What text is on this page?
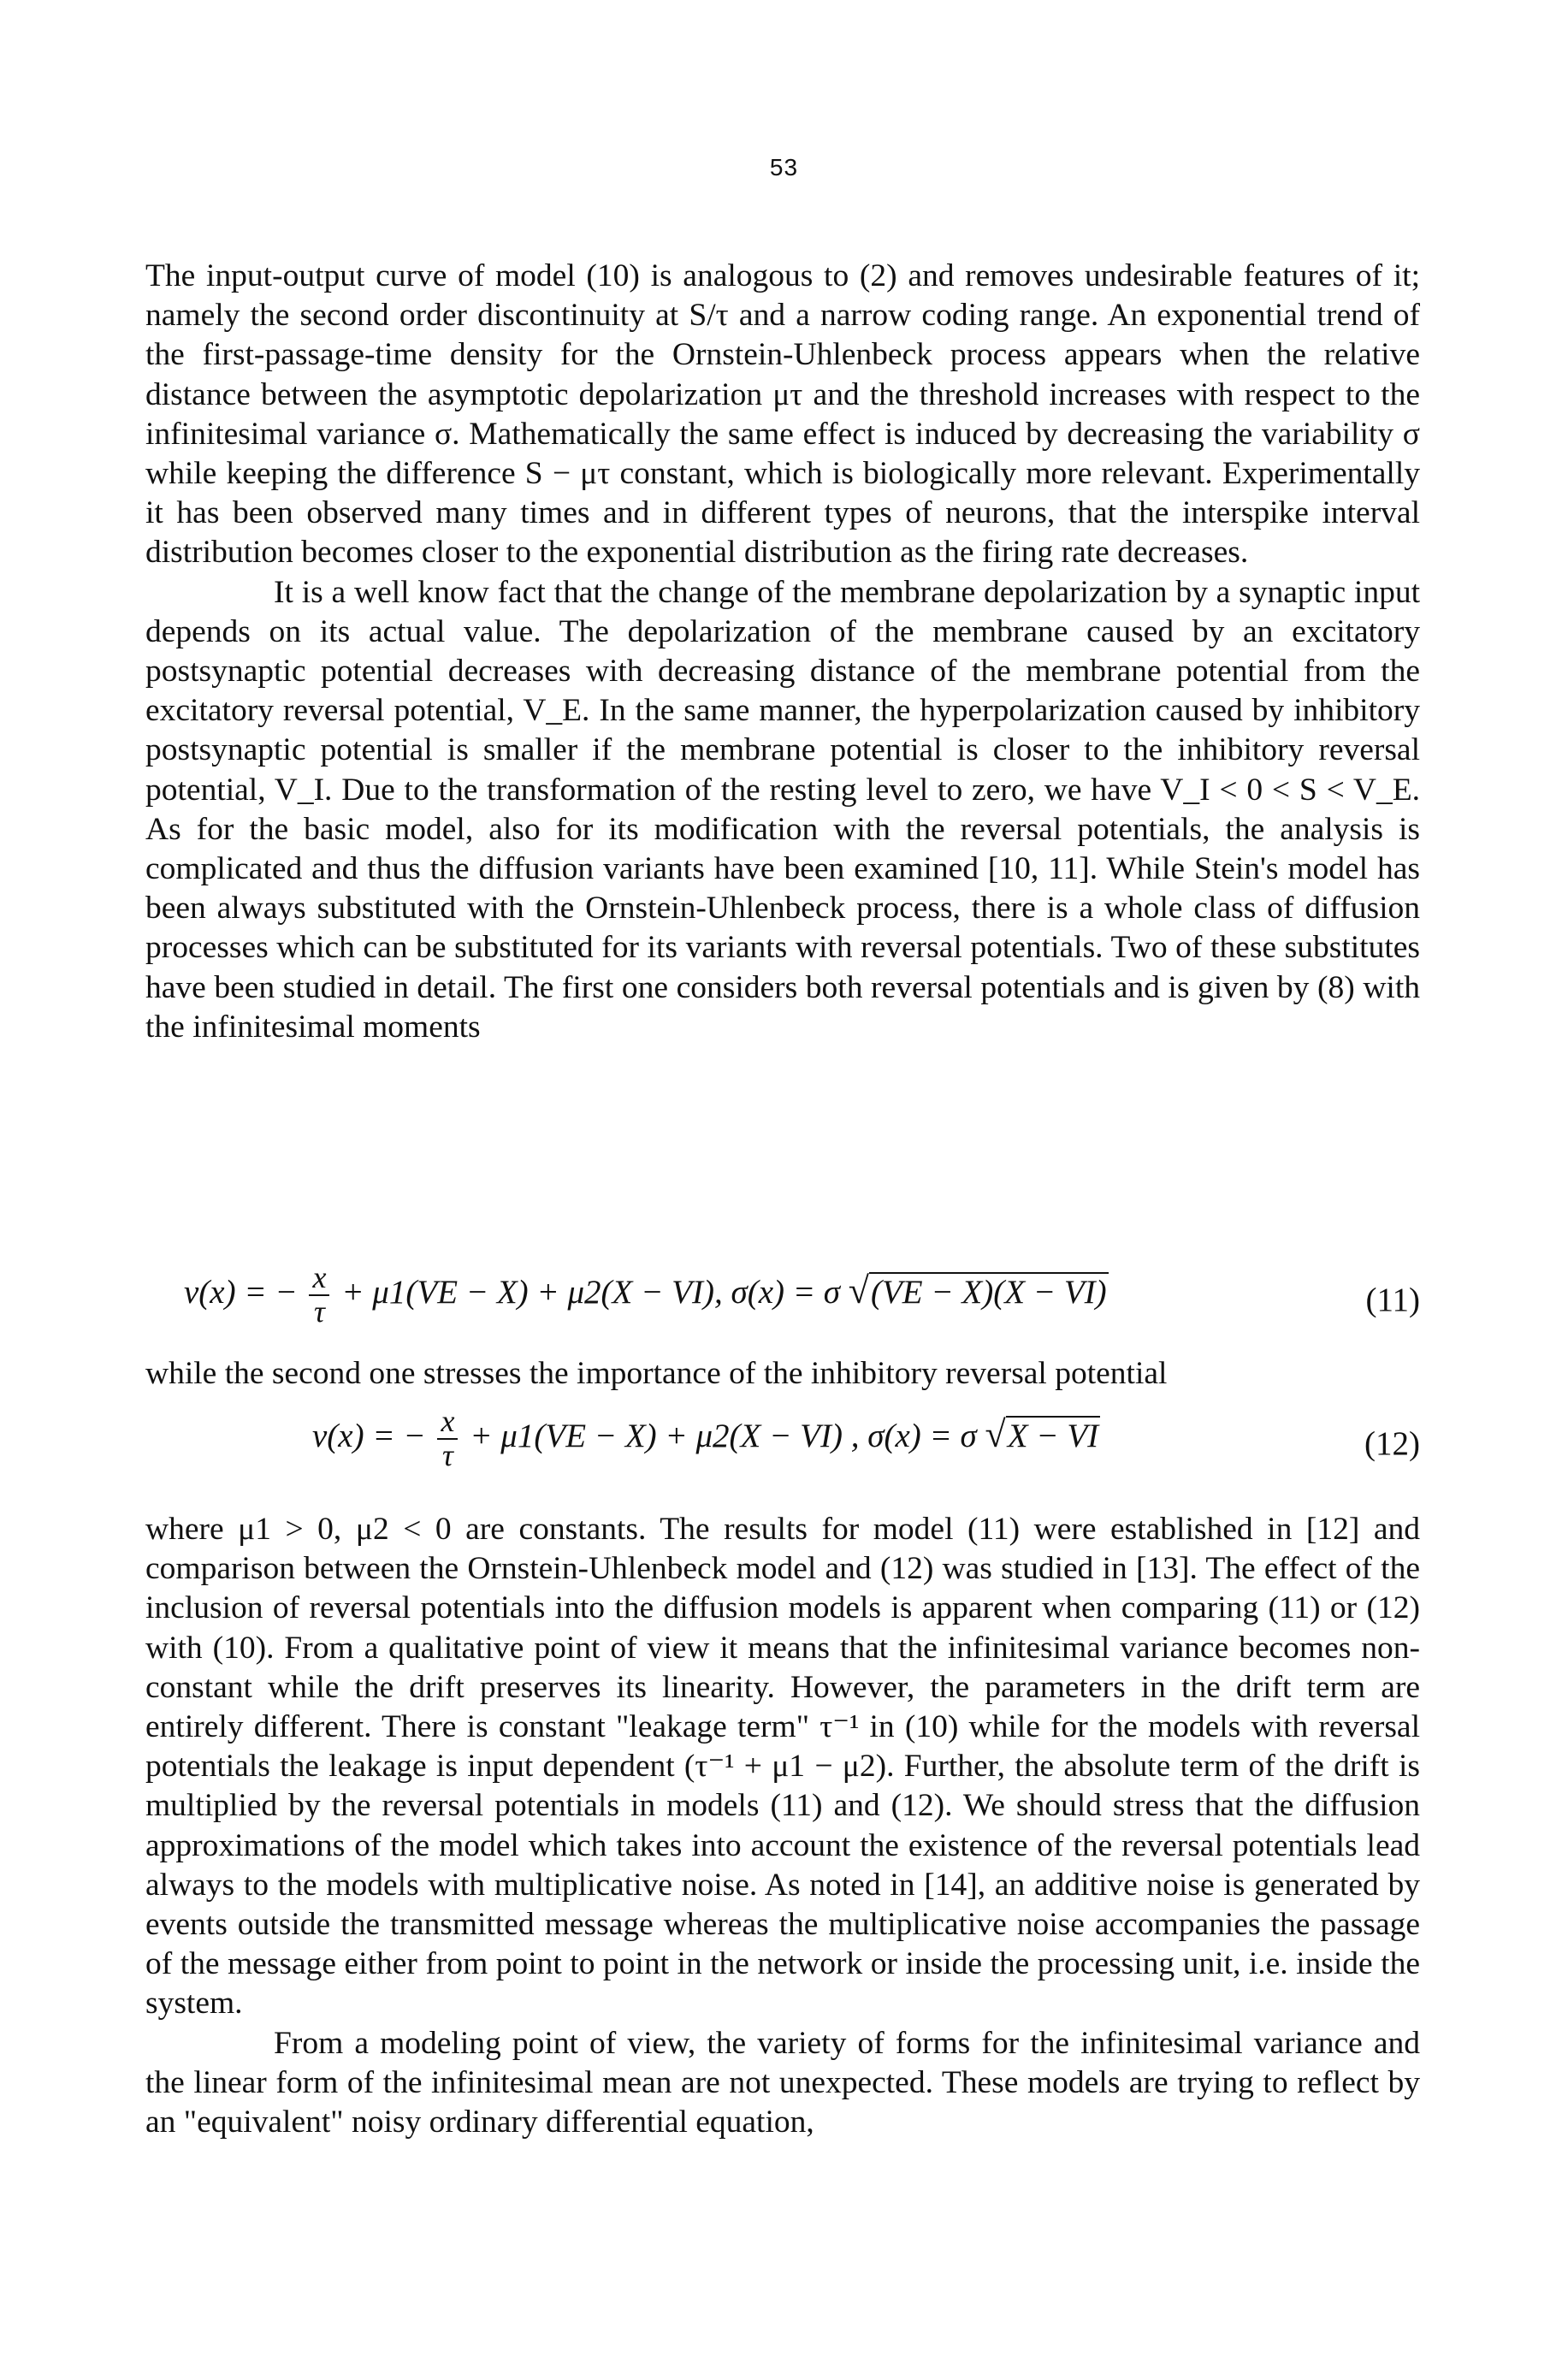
53

The input-output curve of model (10) is analogous to (2) and removes undesirable features of it; namely the second order discontinuity at S/τ and a narrow coding range. An exponential trend of the first-passage-time density for the Ornstein-Uhlenbeck process appears when the relative distance between the asymptotic depolarization μτ and the threshold increases with respect to the infinitesimal variance σ. Mathematically the same effect is induced by decreasing the variability σ while keeping the difference S − μτ constant, which is biologically more relevant. Experimentally it has been observed many times and in different types of neurons, that the interspike interval distribution becomes closer to the exponential distribution as the firing rate decreases.

It is a well know fact that the change of the membrane depolarization by a synaptic input depends on its actual value. The depolarization of the membrane caused by an excitatory postsynaptic potential decreases with decreasing distance of the membrane potential from the excitatory reversal potential, V_E. In the same manner, the hyperpolarization caused by inhibitory postsynaptic potential is smaller if the membrane potential is closer to the inhibitory reversal potential, V_I. Due to the transformation of the resting level to zero, we have V_I < 0 < S < V_E. As for the basic model, also for its modification with the reversal potentials, the analysis is complicated and thus the diffusion variants have been examined [10, 11]. While Stein's model has been always substituted with the Ornstein-Uhlenbeck process, there is a whole class of diffusion processes which can be substituted for its variants with reversal potentials. Two of these substitutes have been studied in detail. The first one considers both reversal potentials and is given by (8) with the infinitesimal moments

ν(x) = − $\frac{x}{\tau} + \mu 1(VE - X) + \mu 2(X - VI)$, σ(x) = σ √(VE − X)(X − VI)	(11)

while the second one stresses the importance of the inhibitory reversal potential

ν(x) = − $\frac{x}{\tau} + \mu 1(VE - X) + \mu 2(X - VI)$ , σ(x) = σ √X − VI	(12)

where μ1 > 0, μ2 < 0 are constants. The results for model (11) were established in [12] and comparison between the Ornstein-Uhlenbeck model and (12) was studied in [13]. The effect of the inclusion of reversal potentials into the diffusion models is apparent when comparing (11) or (12) with (10). From a qualitative point of view it means that the infinitesimal variance becomes non-constant while the drift preserves its linearity. However, the parameters in the drift term are entirely different. There is constant "leakage term" τ⁻¹ in (10) while for the models with reversal potentials the leakage is input dependent (τ⁻¹ + μ1 − μ2). Further, the absolute term of the drift is multiplied by the reversal potentials in models (11) and (12). We should stress that the diffusion approximations of the model which takes into account the existence of the reversal potentials lead always to the models with multiplicative noise. As noted in [14], an additive noise is generated by events outside the transmitted message whereas the multiplicative noise accompanies the passage of the message either from point to point in the network or inside the processing unit, i.e. inside the system.

From a modeling point of view, the variety of forms for the infinitesimal variance and the linear form of the infinitesimal mean are not unexpected. These models are trying to reflect by an "equivalent" noisy ordinary differential equation,
